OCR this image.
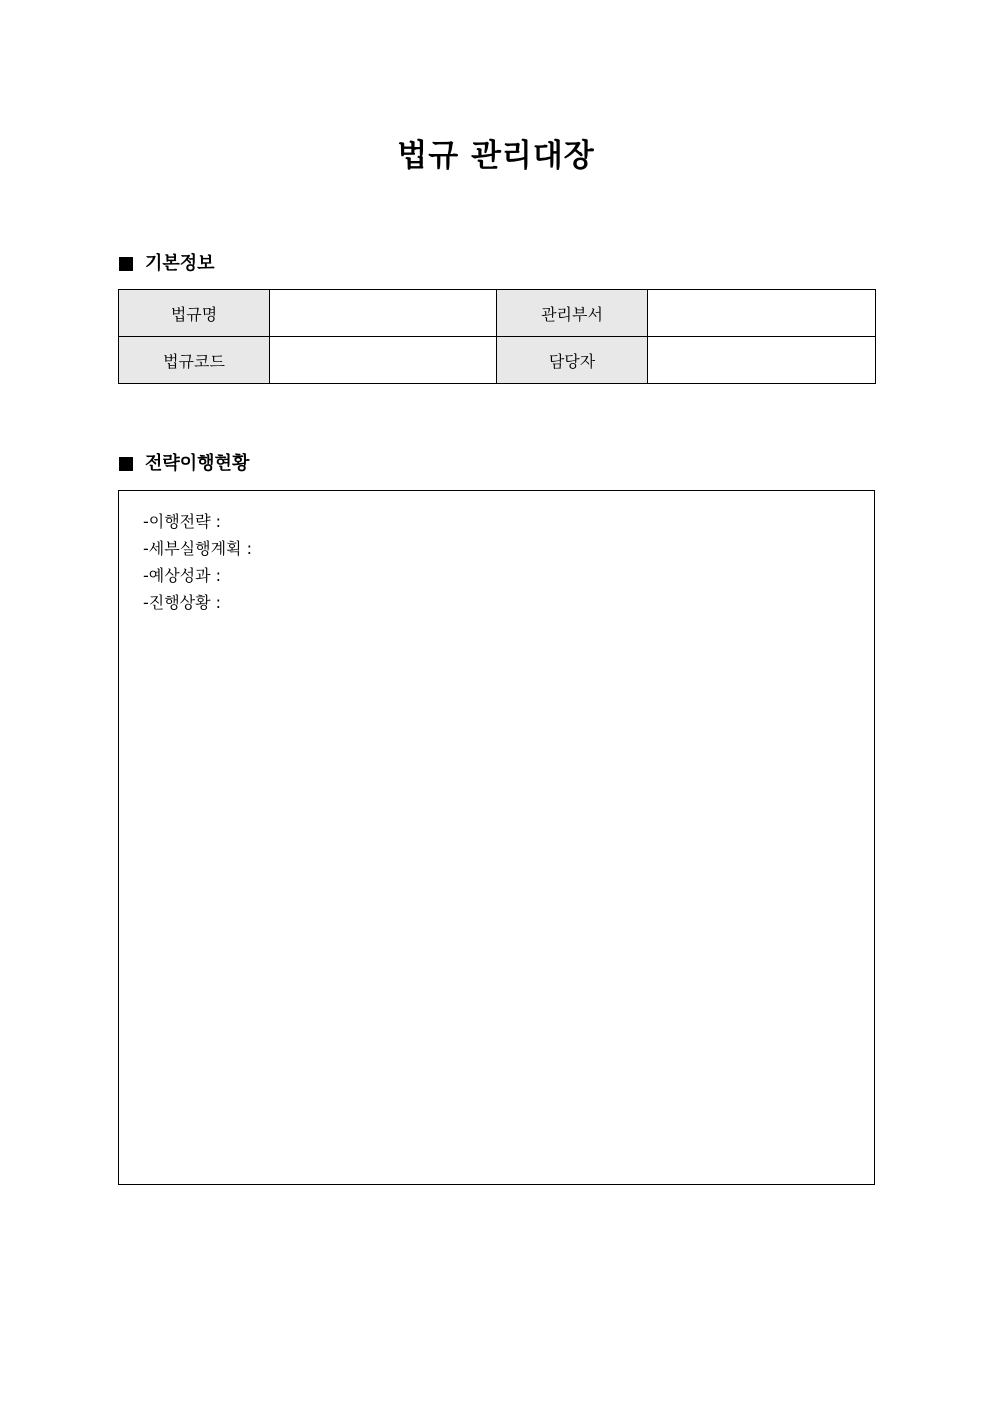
법규 관리대장
기본정보
법규명		관리부서	
법규코드		담당자	
전략이행현황
-이행전략 :
-세부실행계획 :
-예상성과 :
-진행상황 :
